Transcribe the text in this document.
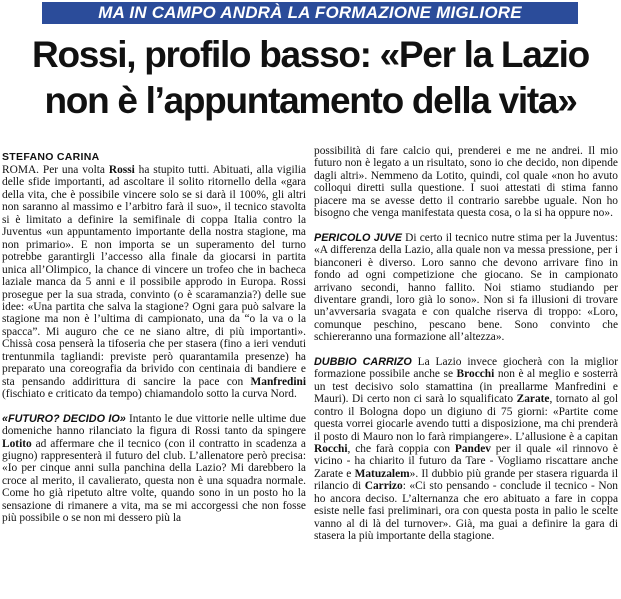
MA IN CAMPO ANDRÀ LA FORMAZIONE MIGLIORE
Rossi, profilo basso: «Per la Lazio
non è l’appuntamento della vita»
STEFANO CARINA

ROMA. Per una volta Rossi ha stupito tutti. Abituati, alla vigilia delle sfide importanti, ad ascoltare il solito ritornello della «gara della vita, che è possibile vincere solo se si darà il 100%, gli altri non saranno al massimo e l’arbitro farà il suo», il tecnico stavolta si è limitato a definire la semifinale di coppa Italia contro la Juventus «un appuntamento importante della nostra stagione, ma non primario». E non importa se un superamento del turno potrebbe garantirgli l’accesso alla finale da giocarsi in partita unica all’Olimpico, la chance di vincere un trofeo che in bacheca laziale manca da 5 anni e il possibile approdo in Europa. Rossi prosegue per la sua strada, convinto (o è scaramanzia?) delle sue idee: «Una partita che salva la stagione? Ogni gara può salvare la stagione ma non è l’ultima di campionato, una da “o la va o la spacca”. Mi auguro che ce ne siano altre, di più importanti». Chissà cosa penserà la tifoseria che per stasera (fino a ieri venduti trentunmila tagliandi: previste però quarantamila presenze) ha preparato una coreografia da brivido con centinaia di bandiere e sta pensando addirittura di sancire la pace con Manfredini (fischiato e criticato da tempo) chiamandolo sotto la curva Nord.

«FUTURO? DECIDO IO» Intanto le due vittorie nelle ultime due domeniche hanno rilanciato la figura di Rossi tanto da spingere Lotito ad affermare che il tecnico (con il contratto in scadenza a giugno) rappresenterà il futuro del club. L’allenatore però precisa: «Io per cinque anni sulla panchina della Lazio? Mi darebbero la croce al merito, il cavalierato, questa non è una squadra normale. Come ho già ripetuto altre volte, quando sono in un posto ho la sensazione di rimanere a vita, ma se mi accorgessi che non fosse più possibile o se non mi dessero più la

possibilità di fare calcio qui, prenderei e me ne andrei. Il mio futuro non è legato a un risultato, sono io che decido, non dipende dagli altri». Nemmeno da Lotito, quindi, col quale «non ho avuto colloqui diretti sulla questione. I suoi attestati di stima fanno piacere ma se avesse detto il contrario sarebbe uguale. Non ho bisogno che venga manifestata questa cosa, o la si ha oppure no».

PERICOLO JUVE Di certo il tecnico nutre stima per la Juventus: «A differenza della Lazio, alla quale non va messa pressione, per i bianconeri è diverso. Loro sanno che devono arrivare fino in fondo ad ogni competizione che giocano. Se in campionato arrivano secondi, hanno fallito. Noi stiamo studiando per diventare grandi, loro già lo sono». Non si fa illusioni di trovare un’avversaria svagata e con qualche riserva di troppo: «Loro, comunque peschino, pescano bene. Sono convinto che schiereranno una formazione all’altezza».

DUBBIO CARRIZO La Lazio invece giocherà con la miglior formazione possibile anche se Brocchi non è al meglio e sosterrà un test decisivo solo stamattina (in preallarme Manfredini e Mauri). Di certo non ci sarà lo squalificato Zarate, tornato al gol contro il Bologna dopo un digiuno di 75 giorni: «Partite come questa vorrei giocarle avendo tutti a disposizione, ma chi prenderà il posto di Mauro non lo farà rimpiangere». L’allusione è a capitan Rocchi, che farà coppia con Pandev per il quale «il rinnovo è vicino - ha chiarito il futuro da Tare - Vogliamo riscattare anche Zarate e Matuzalem». Il dubbio più grande per stasera riguarda il rilancio di Carrizo: «Ci sto pensando - conclude il tecnico - Non ho ancora deciso. L’alternanza che ero abituato a fare in coppa esiste nelle fasi preliminari, ora con questa posta in palio le scelte vanno al di là del turnover». Già, ma guai a definire la gara di stasera la più importante della stagione.
